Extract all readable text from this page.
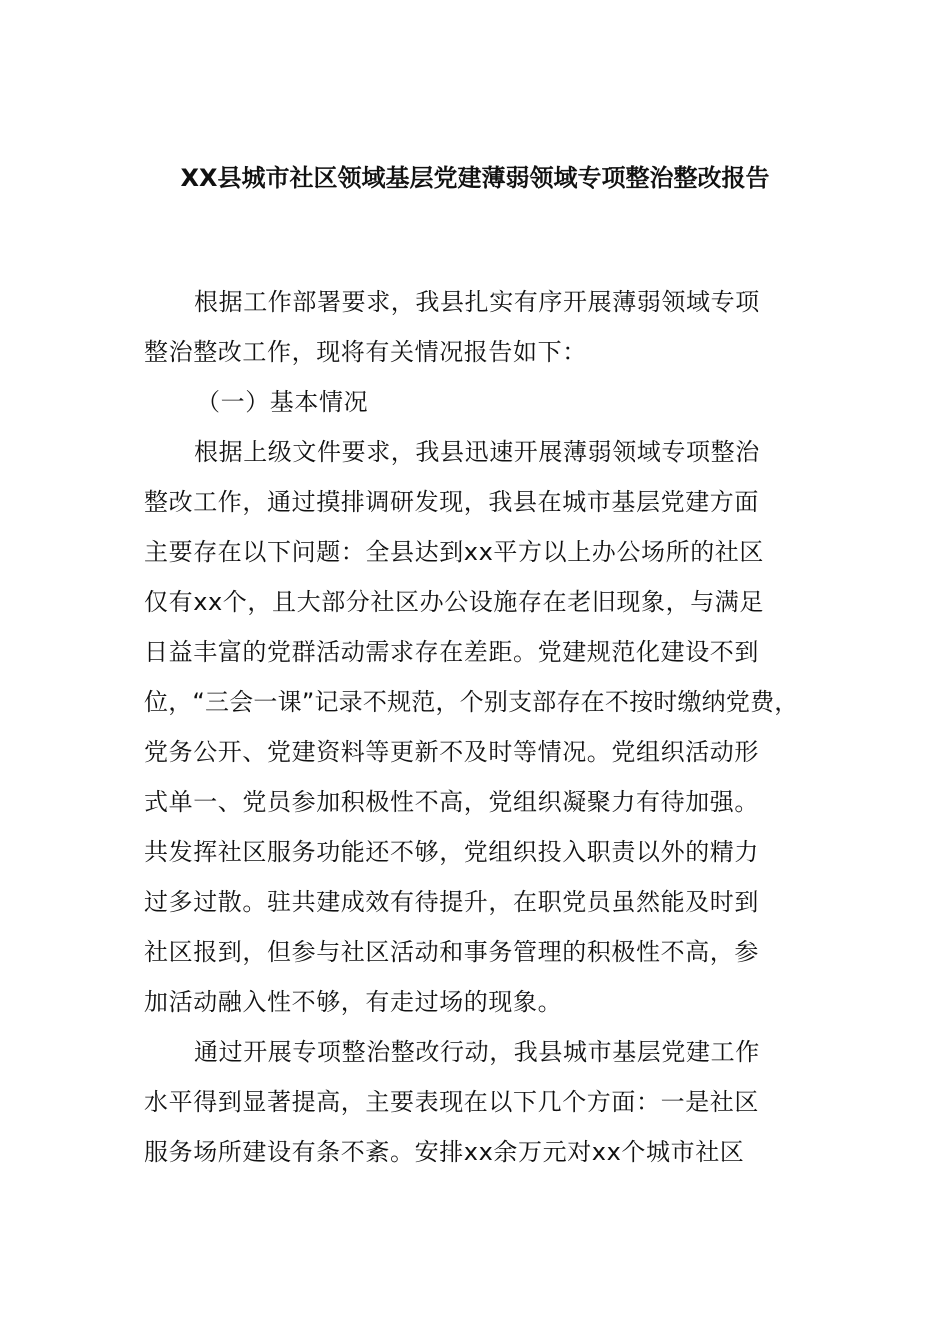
XX县城市社区领域基层党建薄弱领域专项整治整改报告
根据工作部署要求，我县扎实有序开展薄弱领域专项
整治整改工作，现将有关情况报告如下：
（一）基本情况
根据上级文件要求，我县迅速开展薄弱领域专项整治
整改工作，通过摸排调研发现，我县在城市基层党建方面
主要存在以下问题：全县达到xx平方以上办公场所的社区
仅有xx个，且大部分社区办公设施存在老旧现象，与满足
日益丰富的党群活动需求存在差距。党建规范化建设不到
位，“三会一课”记录不规范，个别支部存在不按时缴纳党费，
党务公开、党建资料等更新不及时等情况。党组织活动形
式单一、党员参加积极性不高，党组织凝聚力有待加强。
共发挥社区服务功能还不够，党组织投入职责以外的精力
过多过散。驻共建成效有待提升，在职党员虽然能及时到
社区报到，但参与社区活动和事务管理的积极性不高，参
加活动融入性不够，有走过场的现象。
通过开展专项整治整改行动，我县城市基层党建工作
水平得到显著提高，主要表现在以下几个方面：一是社区
服务场所建设有条不紊。安排xx余万元对xx个城市社区
